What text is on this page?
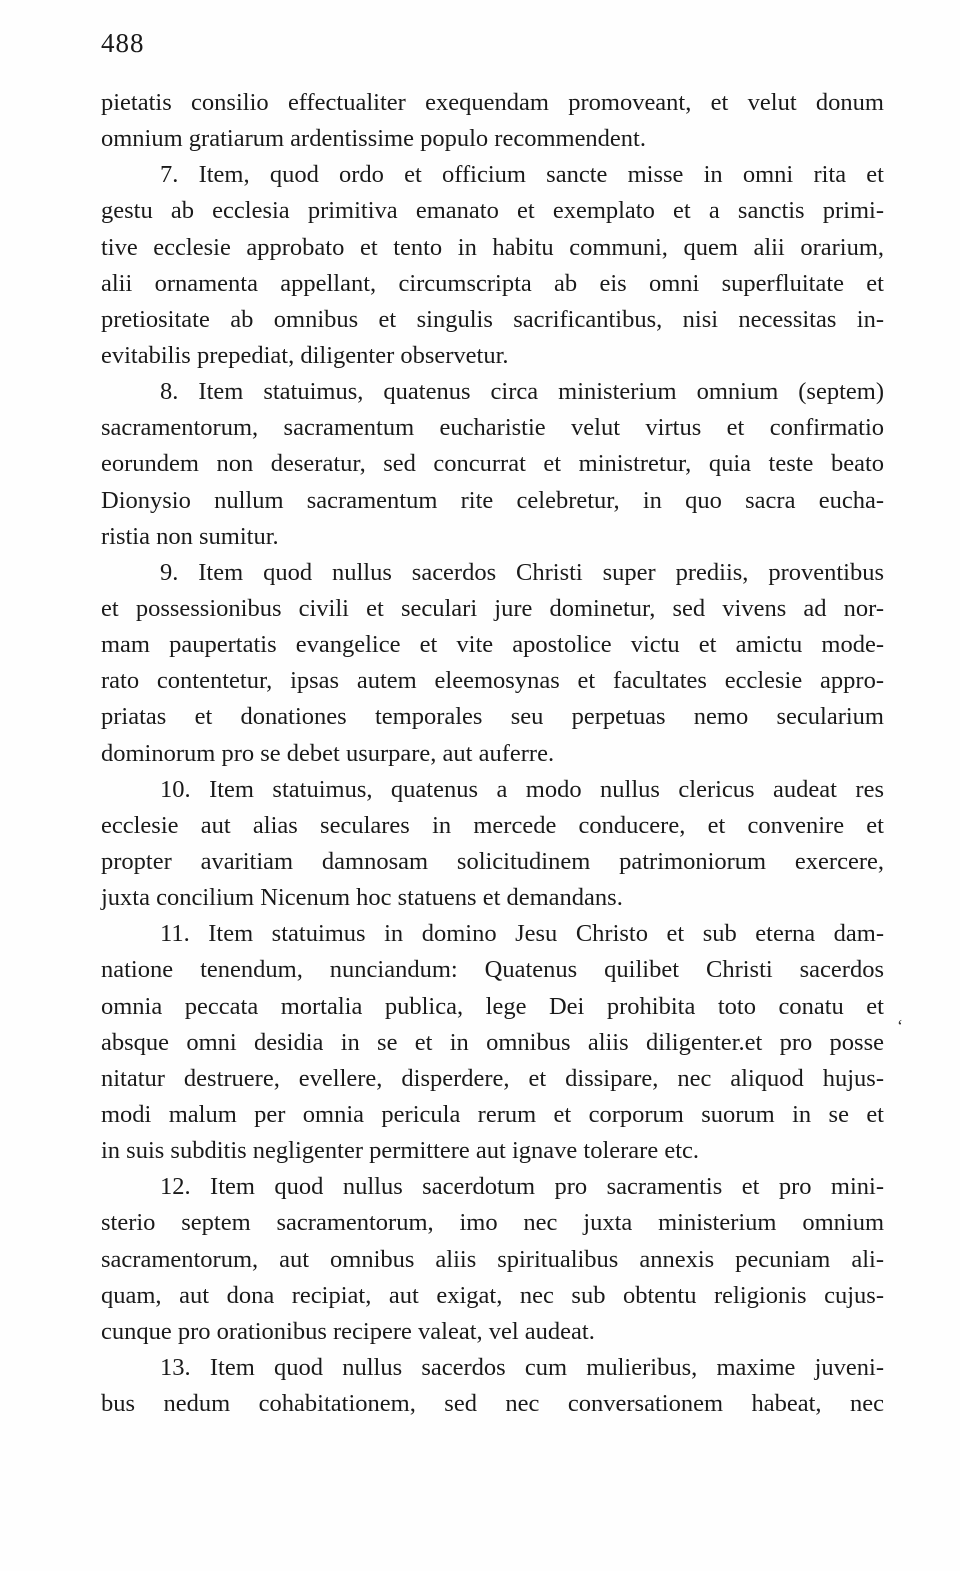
488
pietatis consilio effectualiter exequendam promoveant, et velut donum
omnium gratiarum ardentissime populo recommendent.
7. Item, quod ordo et officium sancte misse in omni rita et
gestu ab ecclesia primitiva emanato et exemplato et a sanctis primi-
tive ecclesie approbato et tento in habitu communi, quem alii orarium,
alii ornamenta appellant, circumscripta ab eis omni superfluitate et
pretiositate ab omnibus et singulis sacrificantibus, nisi necessitas in-
evitabilis prepediat, diligenter observetur.
8. Item statuimus, quatenus circa ministerium omnium (septem)
sacramentorum, sacramentum eucharistie velut virtus et confirmatio
eorundem non deseratur, sed concurrat et ministretur, quia teste beato
Dionysio nullum sacramentum rite celebretur, in quo sacra eucha-
ristia non sumitur.
9. Item quod nullus sacerdos Christi super prediis, proventibus
et possessionibus civili et seculari jure dominetur, sed vivens ad nor-
mam paupertatis evangelice et vite apostolice victu et amictu mode-
rato contentetur, ipsas autem eleemosynas et facultates ecclesie appro-
priatas et donationes temporales seu perpetuas nemo secularium
dominorum pro se debet usurpare, aut auferre.
10. Item statuimus, quatenus a modo nullus clericus audeat res
ecclesie aut alias seculares in mercede conducere, et convenire et
propter avaritiam damnosam solicitudinem patrimoniorum exercere,
juxta concilium Nicenum hoc statuens et demandans.
11. Item statuimus in domino Jesu Christo et sub eterna dam-
natione tenendum, nunciandum: Quatenus quilibet Christi sacerdos
omnia peccata mortalia publica, lege Dei prohibita toto conatu et
absque omni desidia in se et in omnibus aliis diligenter.et pro posse
nitatur destruere, evellere, disperdere, et dissipare, nec aliquod hujus-
modi malum per omnia pericula rerum et corporum suorum in se et
in suis subditis negligenter permittere aut ignave tolerare etc.
12. Item quod nullus sacerdotum pro sacramentis et pro mini-
sterio septem sacramentorum, imo nec juxta ministerium omnium
sacramentorum, aut omnibus aliis spiritualibus annexis pecuniam ali-
quam, aut dona recipiat, aut exigat, nec sub obtentu religionis cujus-
cunque pro orationibus recipere valeat, vel audeat.
13. Item quod nullus sacerdos cum mulieribus, maxime juveni-
bus nedum cohabitationem, sed nec conversationem habeat, nec
‘
